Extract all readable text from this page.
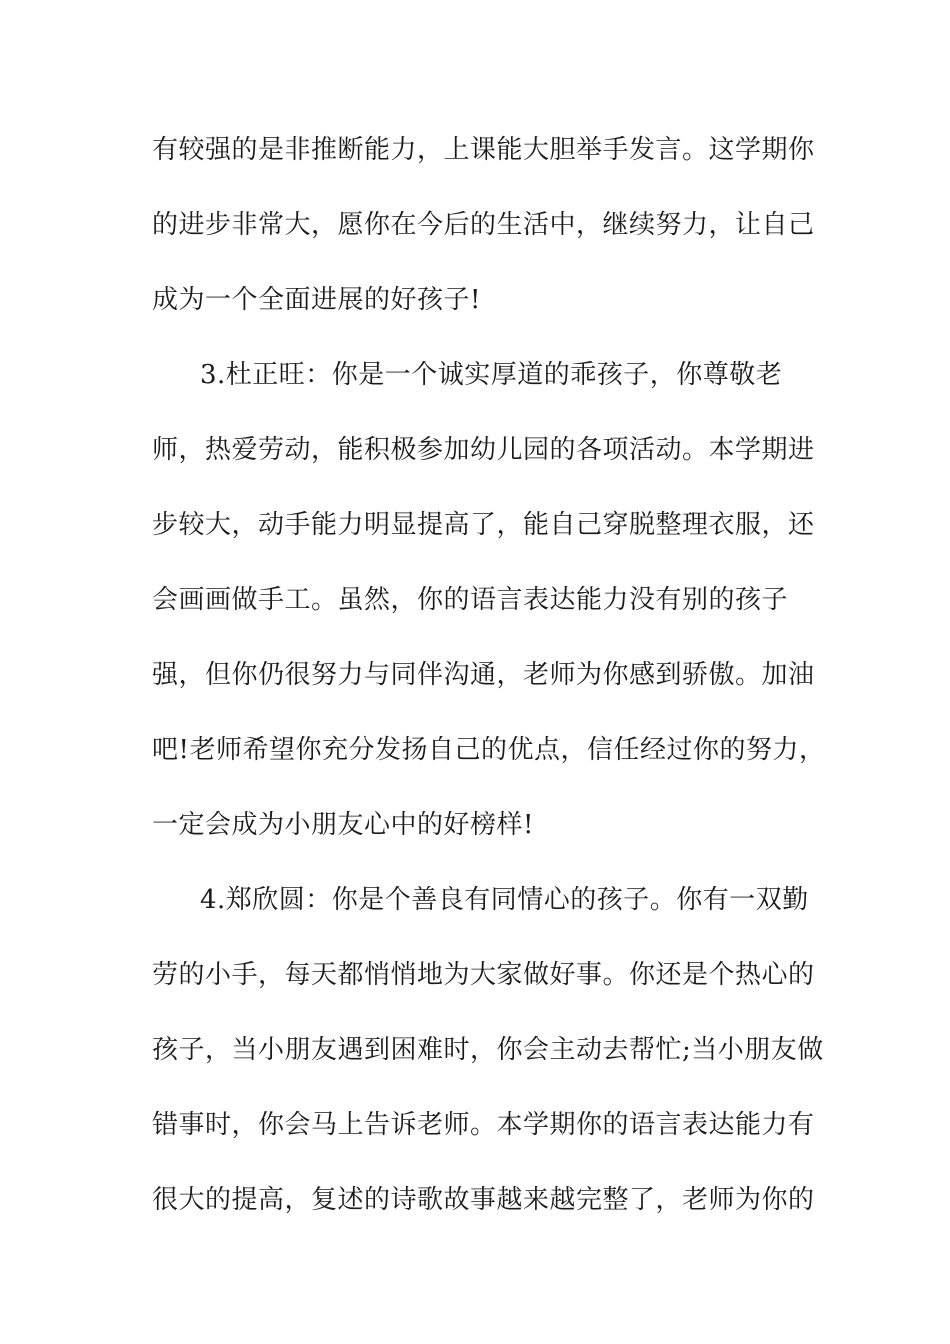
有较强的是非推断能力，上课能大胆举手发言。这学期你
的进步非常大，愿你在今后的生活中，继续努力，让自己
成为一个全面进展的好孩子!
3.杜正旺：你是一个诚实厚道的乖孩子，你尊敬老
师，热爱劳动，能积极参加幼儿园的各项活动。本学期进
步较大，动手能力明显提高了，能自己穿脱整理衣服，还
会画画做手工。虽然，你的语言表达能力没有别的孩子
强，但你仍很努力与同伴沟通，老师为你感到骄傲。加油
吧!老师希望你充分发扬自己的优点，信任经过你的努力，
一定会成为小朋友心中的好榜样!
4.郑欣圆：你是个善良有同情心的孩子。你有一双勤
劳的小手，每天都悄悄地为大家做好事。你还是个热心的
孩子，当小朋友遇到困难时，你会主动去帮忙;当小朋友做
错事时，你会马上告诉老师。本学期你的语言表达能力有
很大的提高，复述的诗歌故事越来越完整了，老师为你的
